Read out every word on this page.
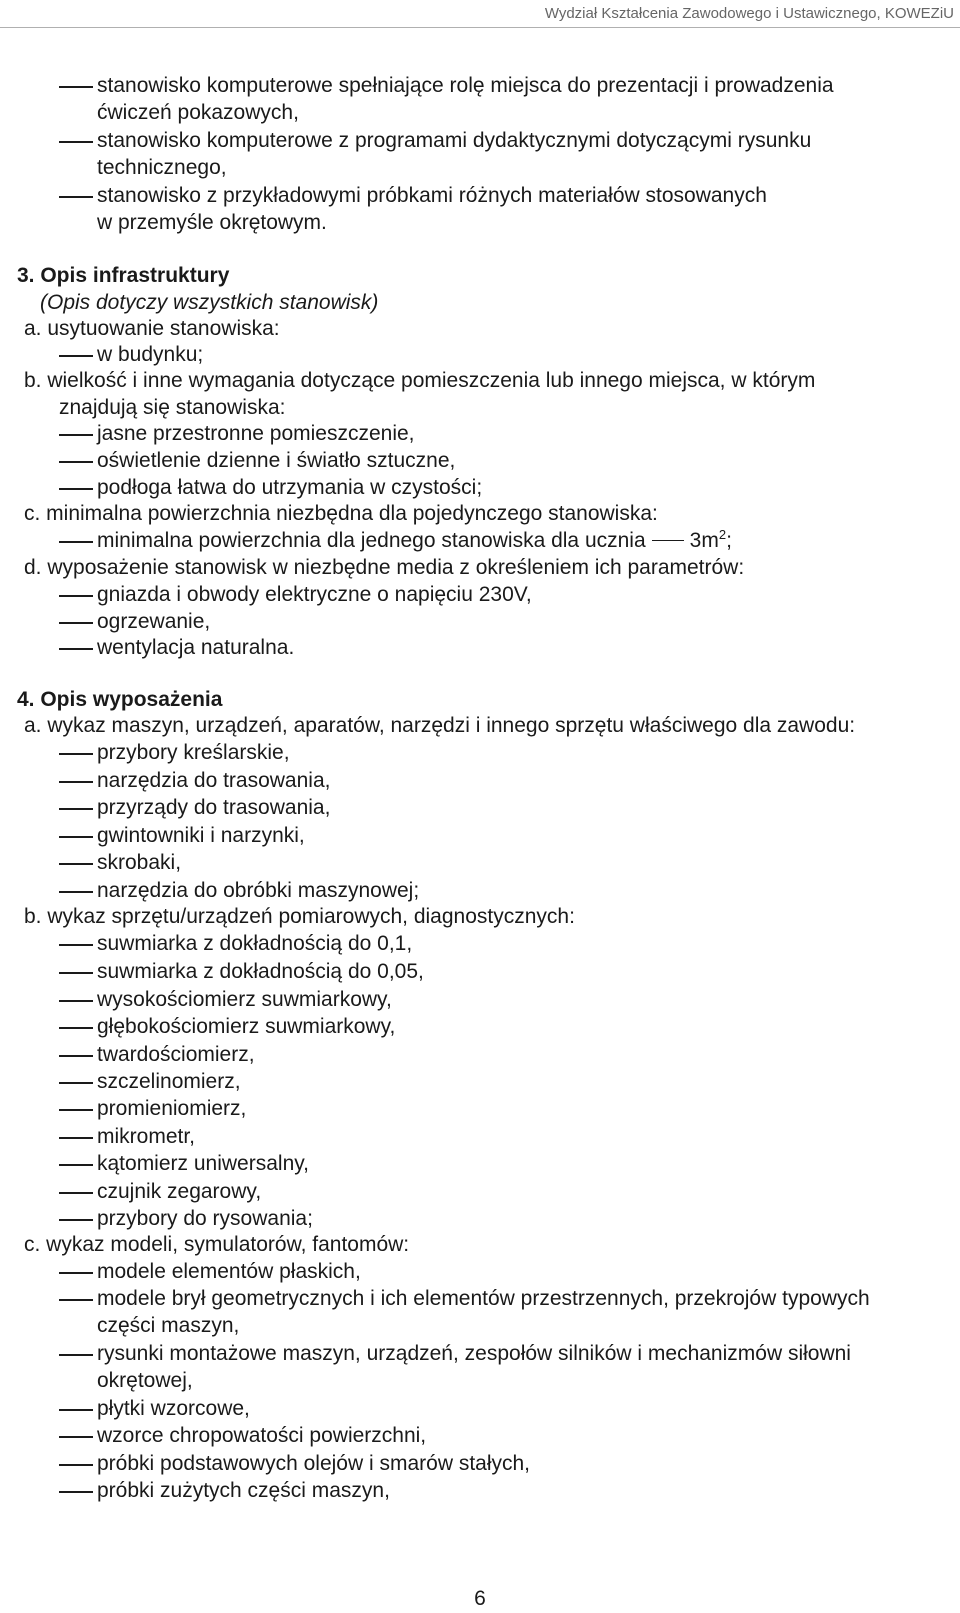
Wydział Kształcenia Zawodowego i Ustawicznego, KOWEZiU
stanowisko komputerowe spełniające rolę miejsca do prezentacji i prowadzenia
ćwiczeń pokazowych,
stanowisko komputerowe z programami dydaktycznymi dotyczącymi rysunku
technicznego,
stanowisko z przykładowymi próbkami różnych materiałów stosowanych
w przemyśle okrętowym.
3. Opis infrastruktury
(Opis dotyczy wszystkich stanowisk)
a. usytuowanie stanowiska:
w budynku;
b. wielkość i inne wymagania dotyczące pomieszczenia lub innego miejsca, w którym
znajdują się stanowiska:
jasne przestronne pomieszczenie,
oświetlenie dzienne i światło sztuczne,
podłoga łatwa do utrzymania w czystości;
c. minimalna powierzchnia niezbędna dla pojedynczego stanowiska:
minimalna powierzchnia dla jednego stanowiska dla ucznia $3m^2$;
d. wyposażenie stanowisk w niezbędne media z określeniem ich parametrów:
gniazda i obwody elektryczne o napięciu 230V,
ogrzewanie,
wentylacja naturalna.
4. Opis wyposażenia
a. wykaz maszyn, urządzeń, aparatów, narzędzi i innego sprzętu właściwego dla zawodu:
przybory kreślarskie,
narzędzia do trasowania,
przyrządy do trasowania,
gwintowniki i narzynki,
skrobaki,
narzędzia do obróbki maszynowej;
b. wykaz sprzętu/urządzeń pomiarowych, diagnostycznych:
suwmiarka z dokładnością do 0,1,
suwmiarka z dokładnością do 0,05,
wysokościomierz suwmiarkowy,
głębokościomierz suwmiarkowy,
twardościomierz,
szczelinomierz,
promieniomierz,
mikrometr,
kątomierz uniwersalny,
czujnik zegarowy,
przybory do rysowania;
c. wykaz modeli, symulatorów, fantomów:
modele elementów płaskich,
modele brył geometrycznych i ich elementów przestrzennych, przekrojów typowych
części maszyn,
rysunki montażowe maszyn, urządzeń, zespołów silników i mechanizmów siłowni
okrętowej,
płytki wzorcowe,
wzorce chropowatości powierzchni,
próbki podstawowych olejów i smarów stałych,
próbki zużytych części maszyn,
6
